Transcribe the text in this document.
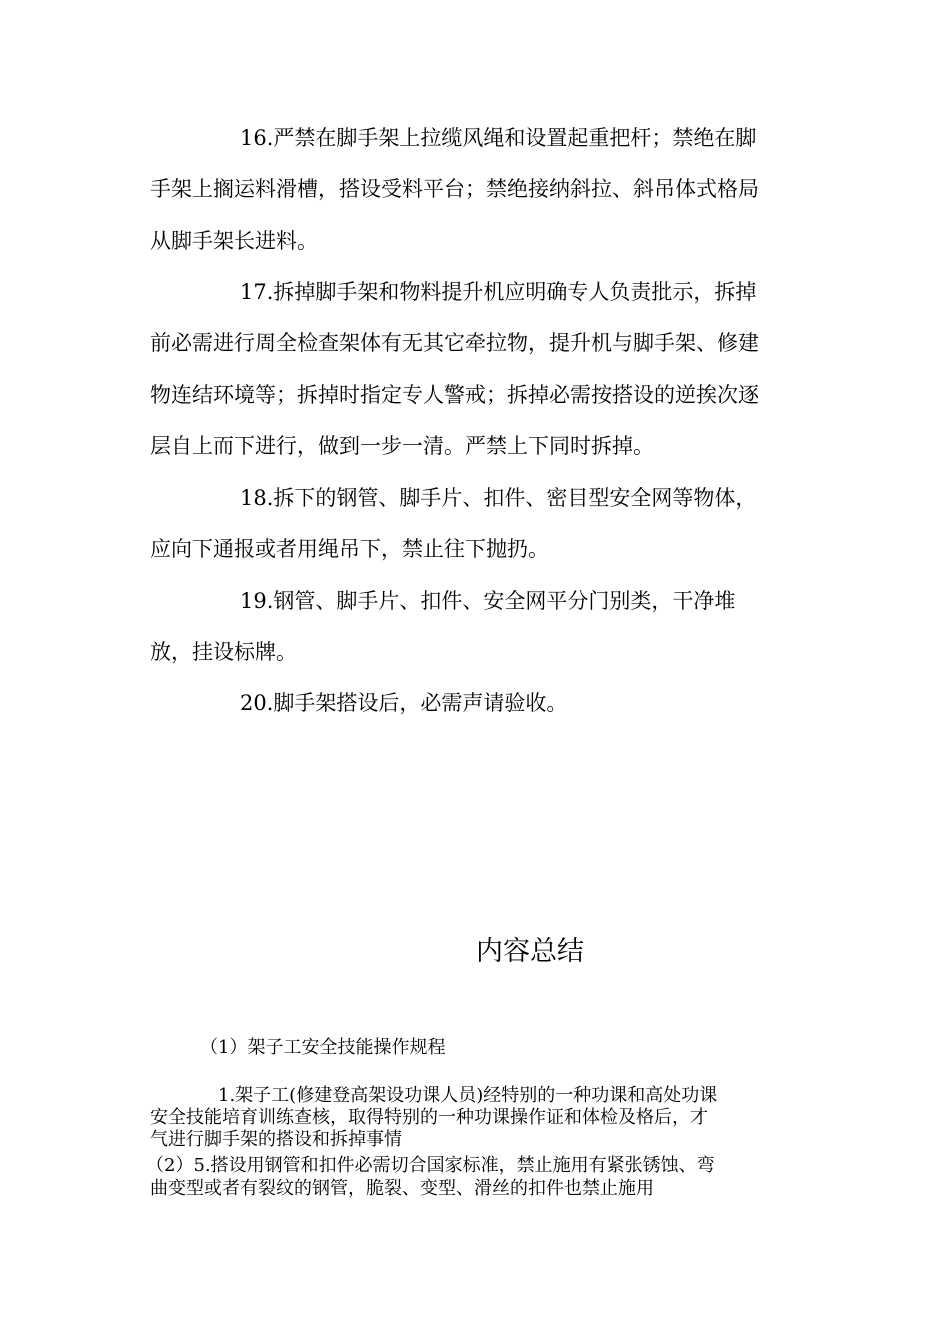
16.严禁在脚手架上拉缆风绳和设置起重把杆；禁绝在脚
手架上搁运料滑槽，搭设受料平台；禁绝接纳斜拉、斜吊体式格局
从脚手架长进料。
17.拆掉脚手架和物料提升机应明确专人负责批示，拆掉
前必需进行周全检查架体有无其它牵拉物，提升机与脚手架、修建
物连结环境等；拆掉时指定专人警戒；拆掉必需按搭设的逆挨次逐
层自上而下进行，做到一步一清。严禁上下同时拆掉。
18.拆下的钢管、脚手片、扣件、密目型安全网等物体，
应向下通报或者用绳吊下，禁止往下抛扔。
19.钢管、脚手片、扣件、安全网平分门别类，干净堆
放，挂设标牌。
20.脚手架搭设后，必需声请验收。
内容总结
（1）架子工安全技能操作规程
1.架子工(修建登高架设功课人员)经特别的一种功课和高处功课
安全技能培育训练查核，取得特别的一种功课操作证和体检及格后，才
气进行脚手架的搭设和拆掉事情
（2）5.搭设用钢管和扣件必需切合国家标准，禁止施用有紧张锈蚀、弯
曲变型或者有裂纹的钢管，脆裂、变型、滑丝的扣件也禁止施用
